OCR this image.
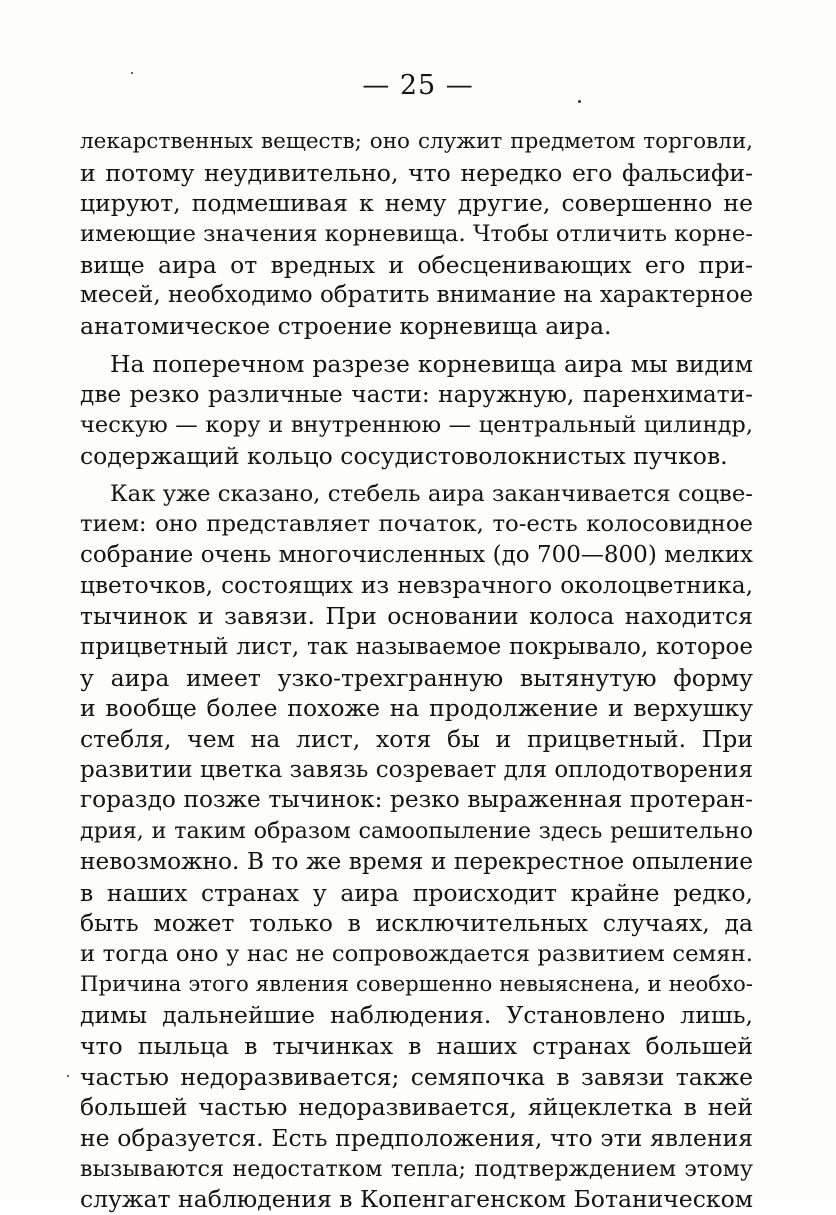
— 25 —
лекарственных веществ; оно служит предметом торговли,
и потому неудивительно, что нередко его фальсифи-
цируют, подмешивая к нему другие, совершенно не
имеющие значения корневища. Чтобы отличить корне-
вище аира от вредных и обесценивающих его при-
месей, необходимо обратить внимание на характерное
анатомическое строение корневища аира.
На поперечном разрезе корневища аира мы видим
две резко различные части: наружную, паренхимати-
ческую — кору и внутреннюю — центральный цилиндр,
содержащий кольцо сосудистоволокнистых пучков.
Как уже сказано, стебель аира заканчивается соцве-
тием: оно представляет початок, то-есть колосовидное
собрание очень многочисленных (до 700—800) мелких
цветочков, состоящих из невзрачного околоцветника,
тычинок и завязи. При основании колоса находится
прицветный лист, так называемое покрывало, которое
у аира имеет узко-трехгранную вытянутую форму
и вообще более похоже на продолжение и верхушку
стебля, чем на лист, хотя бы и прицветный. При
развитии цветка завязь созревает для оплодотворения
гораздо позже тычинок: резко выраженная протеран-
дрия, и таким образом самоопыление здесь решительно
невозможно. В то же время и перекрестное опыление
в наших странах у аира происходит крайне редко,
быть может только в исключительных случаях, да
и тогда оно у нас не сопровождается развитием семян.
Причина этого явления совершенно невыяснена, и необхо-
димы дальнейшие наблюдения. Установлено лишь,
что пыльца в тычинках в наших странах большей
частью недоразвивается; семяпочка в завязи также
большей частью недоразвивается, яйцеклетка в ней
не образуется. Есть предположения, что эти явления
вызываются недостатком тепла; подтверждением этому
служат наблюдения в Копенгагенском Ботаническом
